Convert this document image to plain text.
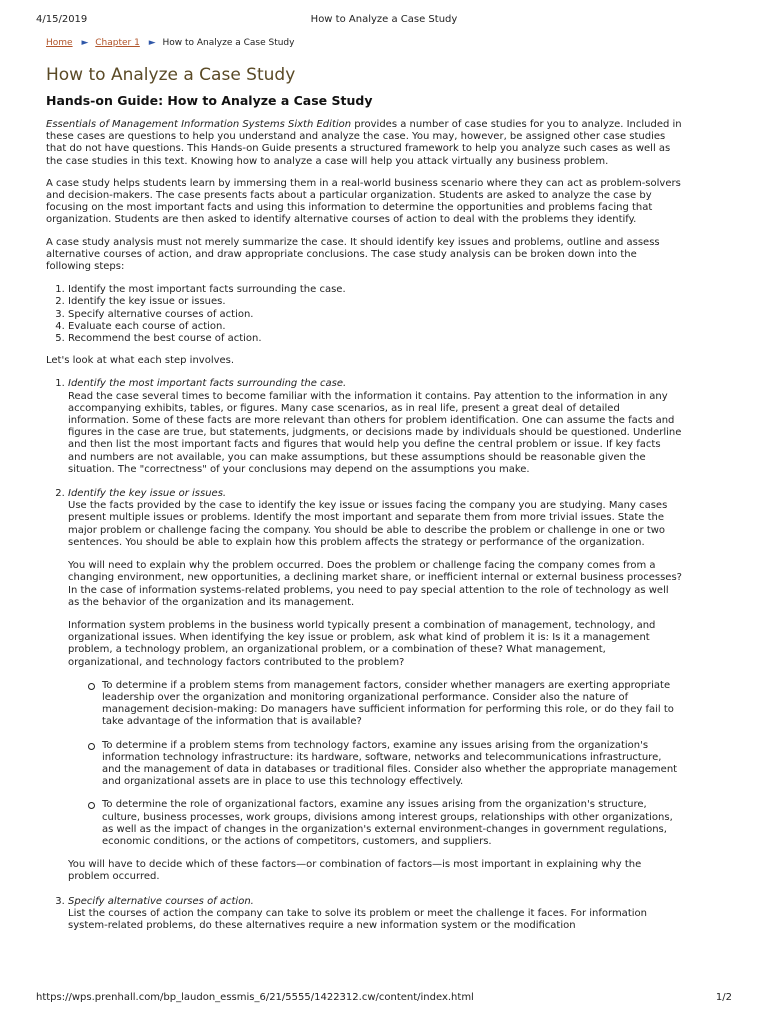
4/15/2019	How to Analyze a Case Study
Home ► Chapter 1 ► How to Analyze a Case Study
How to Analyze a Case Study
Hands-on Guide: How to Analyze a Case Study

Essentials of Management Information Systems Sixth Edition provides a number of case studies for you to analyze. Included in these cases are questions to help you understand and analyze the case. You may, however, be assigned other case studies that do not have questions. This Hands-on Guide presents a structured framework to help you analyze such cases as well as the case studies in this text. Knowing how to analyze a case will help you attack virtually any business problem.

A case study helps students learn by immersing them in a real-world business scenario where they can act as problem-solvers and decision-makers. The case presents facts about a particular organization. Students are asked to analyze the case by focusing on the most important facts and using this information to determine the opportunities and problems facing that organization. Students are then asked to identify alternative courses of action to deal with the problems they identify.

A case study analysis must not merely summarize the case. It should identify key issues and problems, outline and assess alternative courses of action, and draw appropriate conclusions. The case study analysis can be broken down into the following steps:

1. Identify the most important facts surrounding the case.
2. Identify the key issue or issues.
3. Specify alternative courses of action.
4. Evaluate each course of action.
5. Recommend the best course of action.

Let's look at what each step involves.

1. Identify the most important facts surrounding the case.
Read the case several times to become familiar with the information it contains. Pay attention to the information in any accompanying exhibits, tables, or figures. Many case scenarios, as in real life, present a great deal of detailed information. Some of these facts are more relevant than others for problem identification. One can assume the facts and figures in the case are true, but statements, judgments, or decisions made by individuals should be questioned. Underline and then list the most important facts and figures that would help you define the central problem or issue. If key facts and numbers are not available, you can make assumptions, but these assumptions should be reasonable given the situation. The "correctness" of your conclusions may depend on the assumptions you make.
2. Identify the key issue or issues.
Use the facts provided by the case to identify the key issue or issues facing the company you are studying. Many cases present multiple issues or problems. Identify the most important and separate them from more trivial issues. State the major problem or challenge facing the company. You should be able to describe the problem or challenge in one or two sentences. You should be able to explain how this problem affects the strategy or performance of the organization.

You will need to explain why the problem occurred. Does the problem or challenge facing the company comes from a changing environment, new opportunities, a declining market share, or inefficient internal or external business processes? In the case of information systems-related problems, you need to pay special attention to the role of technology as well as the behavior of the organization and its management.

Information system problems in the business world typically present a combination of management, technology, and organizational issues. When identifying the key issue or problem, ask what kind of problem it is: Is it a management problem, a technology problem, an organizational problem, or a combination of these? What management, organizational, and technology factors contributed to the problem?

To determine if a problem stems from management factors, consider whether managers are exerting appropriate leadership over the organization and monitoring organizational performance. Consider also the nature of management decision-making: Do managers have sufficient information for performing this role, or do they fail to take advantage of the information that is available?
To determine if a problem stems from technology factors, examine any issues arising from the organization's information technology infrastructure: its hardware, software, networks and telecommunications infrastructure, and the management of data in databases or traditional files. Consider also whether the appropriate management and organizational assets are in place to use this technology effectively.
To determine the role of organizational factors, examine any issues arising from the organization's structure, culture, business processes, work groups, divisions among interest groups, relationships with other organizations, as well as the impact of changes in the organization's external environment-changes in government regulations, economic conditions, or the actions of competitors, customers, and suppliers.

You will have to decide which of these factors—or combination of factors—is most important in explaining why the problem occurred.

3. Specify alternative courses of action.
List the courses of action the company can take to solve its problem or meet the challenge it faces. For information system-related problems, do these alternatives require a new information system or the modification
https://wps.prenhall.com/bp_laudon_essmis_6/21/5555/1422312.cw/content/index.html	1/2
